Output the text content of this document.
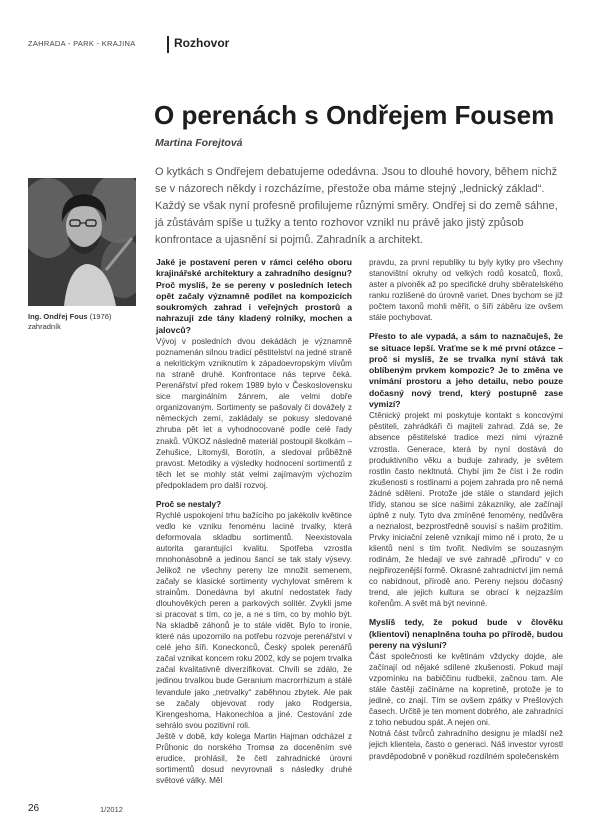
ZAHRADA - PARK - KRAJINA	Rozhovor
O perenách s Ondřejem Fousem
Martina Forejtová

O kytkách s Ondřejem debatujeme odedávna. Jsou to dlouhé hovory, během nichž se v názorech někdy i rozcházíme, přestože oba máme stejný „lednický základ“. Každý se však nyní profesně profilujeme různými směry. Ondřej si do země sáhne, já zůstávám spíše u tužky a tento rozhovor vznikl nu právě jako jistý způsob konfrontace a ujasnění si pojmů. Zahradník a architekt.

Ing. Ondřej Fous (1976)
zahradník

Jaké je postavení peren v rámci celého oboru krajinářské architektury a zahradního designu? Proč myslíš, že se pereny v posledních letech opět začaly významně podílet na kompozicích soukromých zahrad i veřejných prostorů a nahrazují zde tány kladený rolníky, mochen a jalovců?

Vývoj v posledních dvou dekádách je významně poznamenán silnou tradicí pěstitelství na jedné straně a nekritickým vzniknutím k západoevropským vlivům na straně druhé. Konfrontace nás teprve čeká. Perenářství před rokem 1989 bylo v Československu sice marginálním žánrem, ale velmi dobře organizovaným. Sortimenty se pašovaly či dovážely z německých zemí, zakládaly se pokusy sledované zhruba pět let a vyhodnocované podle celé řady znaků. VÚKOZ následně materiál postoupil školkám – Zehušice, Litomyšl, Borotín, a sledoval průběžně pravost. Metodiky a výsledky hodnocení sortimentů z těch let se mohly stát velmi zajímavým výchozím předpokladem pro další rozvoj.

Proč se nestaly?

Rychlé uspokojení trhu bažícího po jakékoliv květince vedlo ke vzniku fenoménu laciné trvalky, která deformovala skladbu sortimentů. Neexistovala autorita garantující kvalitu. Spotřeba vzrostla mnohonásobně a jedinou šancí se tak staly výsevy. Jelikož ne všechny pereny lze množit semenem, začaly se klasické sortimenty vychylovat směrem k strainům. Donedávna byl akutní nedostatek řady dlouhověkých peren a parkových solitér. Zvykli jsme si pracovat s tím, co je, a ne s tím, co by mohlo být. Na skladbě záhonů je to stále vidět. Bylo to ironie, které nás upozornilo na potřebu rozvoje perenářství v celé jeho šíři. Koneckonců, Český spolek perenářů začal vznikat koncem roku 2002, kdy se pojem trvalka začal kvalitativně diverzifikovat. Chvíli se zdálo, že jedinou trvalkou bude Geranium macrorrhizum a stálé levandule jako „netrvalky“ zaběhnou zbytek. Ale pak se začaly objevovat rody jako Rodgersia, Kirengeshoma, Hakonechloa a jiné. Cestování zde sehrálo svou pozitivní roli.

Ještě v době, kdy kolega Martin Hajman odcházel z Průhonic do norského Tromsø za doceněním své erudice, prohlásil, že četl zahradnické úrovni sortimentů dosud nevyrovnali s následky druhé světové války. Měl

pravdu, za první republiky tu byly kytky pro všechny stanovištní okruhy od velkých rodů kosatců, floxů, aster a pivoněk až po specifické druhy sběratelského ranku rozlišené do úrovně variet. Dnes bychom se již počtem taxonů mohli měřit, o šíři záběru ize ovšem stále pochybovat.

Přesto to ale vypadá, a sám to naznačuješ, že se situace lepší. Vraťme se k mé první otázce – proč si myslíš, že se trvalka nyní stává tak oblíbeným prvkem kompozic? Je to změna ve vnímání prostoru a jeho detailu, nebo pouze dočasný nový trend, který postupně zase vymizí?

Ctěnický projekt mi poskytuje kontakt s koncovými pěstiteli, zahrádkáři či majiteli zahrad. Zdá se, že absence pěstitelské tradice mezi nimi výrazně vzrostla. Generace, která by nyní dostává do produktivního věku a buduje zahrady, je světem rostlin často nekltnutá. Chybí jim že číst i že rodin zkušenosti s rostlinami a pojem zahrada pro ně nemá žádné sdělení. Protože jde stále o standard jejich třídy, stanou se sice našimi zákazníky, ale začínají úplně z nuly. Tyto dva zmíněné fenomény, nedůvěra a neznalost, bezprostředně souvisí s naším prožitím. Prvky iniciační zeleně vznikají mimo ně i proto, že u klientů není s tím tvořit. Nedivím se souzasným rodinám, že hledají ve své zahradě „přírodu“ v co nejpřirozenější formě. Okrasné zahradnictví jim nemá co nabídnout, přírodě ano. Pereny nejsou dočasný trend, ale jejich kultura se obrací k nejzazším kořenům. A svět má být nevinné.

Myslíš tedy, že pokud bude v člověku (klientovi) nenaplněna touha po přírodě, budou pereny na výsluní?

Část společnosti ke květinám vždycky dojde, ale začínají od nějaké sdílené zkušenosti. Pokud mají vzpomínku na babiččinu rudbekii, začnou tam. Ale stále častěji začínáme na kopretině, protože je to jediné, co znají. Tím se ovšem zpátky v Prešlových časech. Určitě je ten moment dobrého, ale zahradníci z toho nebudou spát. A nejen oni.

Notná část tvůrců zahradního designu je mladší než jejich klientela, často o generaci. Náš investor vyrostl pravděpodobně v poněkud rozdílném společenském

26	1/2012
